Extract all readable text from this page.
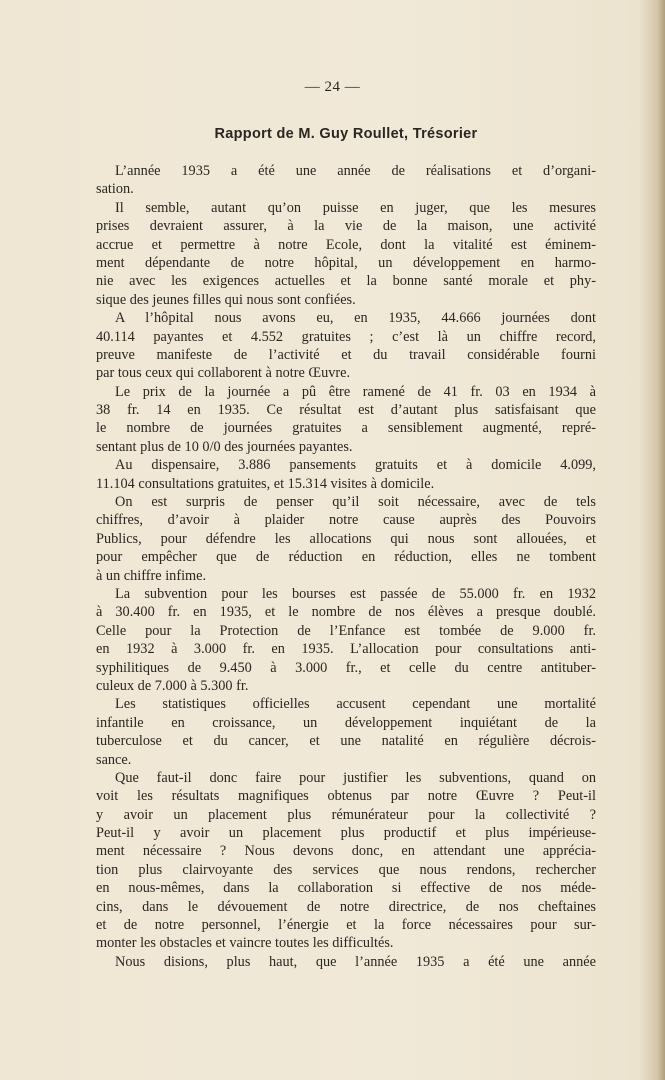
— 24 —
Rapport de M. Guy Roullet, Trésorier
L’année 1935 a été une année de réalisations et d’organi-
sation.
Il semble, autant qu’on puisse en juger, que les mesures
prises devraient assurer, à la vie de la maison, une activité
accrue et permettre à notre Ecole, dont la vitalité est éminem-
ment dépendante de notre hôpital, un développement en harmo-
nie avec les exigences actuelles et la bonne santé morale et phy-
sique des jeunes filles qui nous sont confiées.
A l’hôpital nous avons eu, en 1935, 44.666 journées dont
40.114 payantes et 4.552 gratuites ; c’est là un chiffre record,
preuve manifeste de l’activité et du travail considérable fourni
par tous ceux qui collaborent à notre Œuvre.
Le prix de la journée a pû être ramené de 41 fr. 03 en 1934 à
38 fr. 14 en 1935. Ce résultat est d’autant plus satisfaisant que
le nombre de journées gratuites a sensiblement augmenté, repré-
sentant plus de 10 0/0 des journées payantes.
Au dispensaire, 3.886 pansements gratuits et à domicile 4.099,
11.104 consultations gratuites, et 15.314 visites à domicile.
On est surpris de penser qu’il soit nécessaire, avec de tels
chiffres, d’avoir à plaider notre cause auprès des Pouvoirs
Publics, pour défendre les allocations qui nous sont allouées, et
pour empêcher que de réduction en réduction, elles ne tombent
à un chiffre infime.
La subvention pour les bourses est passée de 55.000 fr. en 1932
à 30.400 fr. en 1935, et le nombre de nos élèves a presque doublé.
Celle pour la Protection de l’Enfance est tombée de 9.000 fr.
en 1932 à 3.000 fr. en 1935. L’allocation pour consultations anti-
syphilitiques de 9.450 à 3.000 fr., et celle du centre antituber-
culeux de 7.000 à 5.300 fr.
Les statistiques officielles accusent cependant une mortalité
infantile en croissance, un développement inquiétant de la
tuberculose et du cancer, et une natalité en régulière décrois-
sance.
Que faut-il donc faire pour justifier les subventions, quand on
voit les résultats magnifiques obtenus par notre Œuvre ? Peut-il
y avoir un placement plus rémunérateur pour la collectivité ?
Peut-il y avoir un placement plus productif et plus impérieuse-
ment nécessaire ? Nous devons donc, en attendant une apprécia-
tion plus clairvoyante des services que nous rendons, rechercher
en nous-mêmes, dans la collaboration si effective de nos méde-
cins, dans le dévouement de notre directrice, de nos cheftaines
et de notre personnel, l’énergie et la force nécessaires pour sur-
monter les obstacles et vaincre toutes les difficultés.
Nous disions, plus haut, que l’année 1935 a été une année
